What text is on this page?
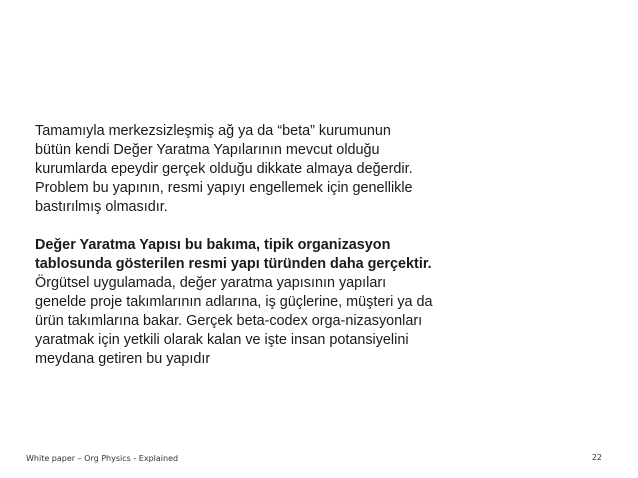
Tamamıyla merkezsizleşmiş ağ ya da “beta” kurumunun
bütün kendi Değer Yaratma Yapılarının mevcut olduğu
kurumlarda epeydir gerçek olduğu dikkate almaya değerdir.
Problem bu yapının, resmi yapıyı engellemek için genellikle
bastırılmış olmasıdır.

Değer Yaratma Yapısı bu bakıma, tipik organizasyon
tablosunda gösterilen resmi yapı türünden daha gerçektir.
Örgütsel uygulamada, değer yaratma yapısının yapıları
genelde proje takımlarının adlarına, iş güçlerine, müşteri ya da
ürün takımlarına bakar. Gerçek beta-codex orga-nizasyonları
yaratmak için yetkili olarak kalan ve işte insan potansiyelini
meydana getiren bu yapıdır

White paper – Org Physics - Explained	22
